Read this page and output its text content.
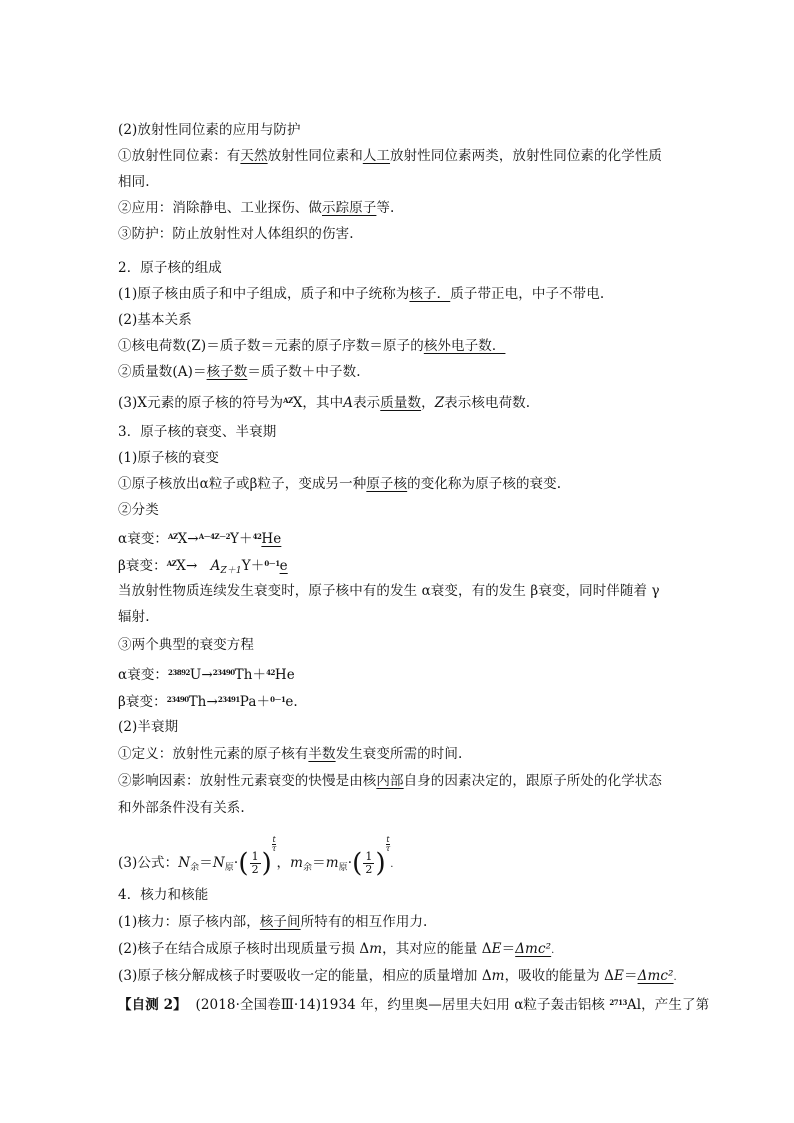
(2)放射性同位素的应用与防护
①放射性同位素：有天然放射性同位素和人工放射性同位素两类，放射性同位素的化学性质
相同.
②应用：消除静电、工业探伤、做示踪原子等.
③防护：防止放射性对人体组织的伤害.
2．原子核的组成
(1)原子核由质子和中子组成，质子和中子统称为核子．质子带正电，中子不带电.
(2)基本关系
①核电荷数(Z)＝质子数＝元素的原子序数＝原子的核外电子数．
②质量数(A)＝核子数＝质子数＋中子数.
(3)X元素的原子核的符号为$^{AZ}$X，其中A表示质量数，Z表示核电荷数.
3．原子核的衰变、半衰期
(1)原子核的衰变
①原子核放出α粒子或β粒子，变成另一种原子核的变化称为原子核的衰变.
②分类
α衰变：$^{AZ}$X→$^{A-4Z-2}$Y＋$^{42}$He
β衰变：$^{AZ}X\to A_{Z+1}Y+^{0-1}e$
当放射性物质连续发生衰变时，原子核中有的发生 α衰变，有的发生 β衰变，同时伴随着 γ
辐射.
③两个典型的衰变方程
α衰变：$^{23892}$U→$^{23490}$Th＋$^{42}$He
β衰变：$^{23490}$Th→$^{23491}$Pa＋$^{0-1}$e.
(2)半衰期
①定义：放射性元素的原子核有半数发生衰变所需的时间.
②影响因素：放射性元素衰变的快慢是由核内部自身的因素决定的，跟原子所处的化学状态
和外部条件没有关系.
(3)公式：$N_余=N_原\cdot( \frac{1}{2}$ )
$\frac{t}{\tau}$
，$m_余=m_原\cdot( \frac{1}{2}$ )
$\frac{t}{\tau}$
.
4．核力和核能
(1)核力：原子核内部，核子间所特有的相互作用力.
(2)核子在结合成原子核时出现质量亏损 Δm，其对应的能量 ΔE＝Δmc².
(3)原子核分解成核子时要吸收一定的能量，相应的质量增加 Δm，吸收的能量为 ΔE＝Δmc².
【自测 2】 (2018·全国卷Ⅲ·14)1934 年，约里奥—居里夫妇用 α粒子轰击铝核 $^{2713}$Al，产生了第
